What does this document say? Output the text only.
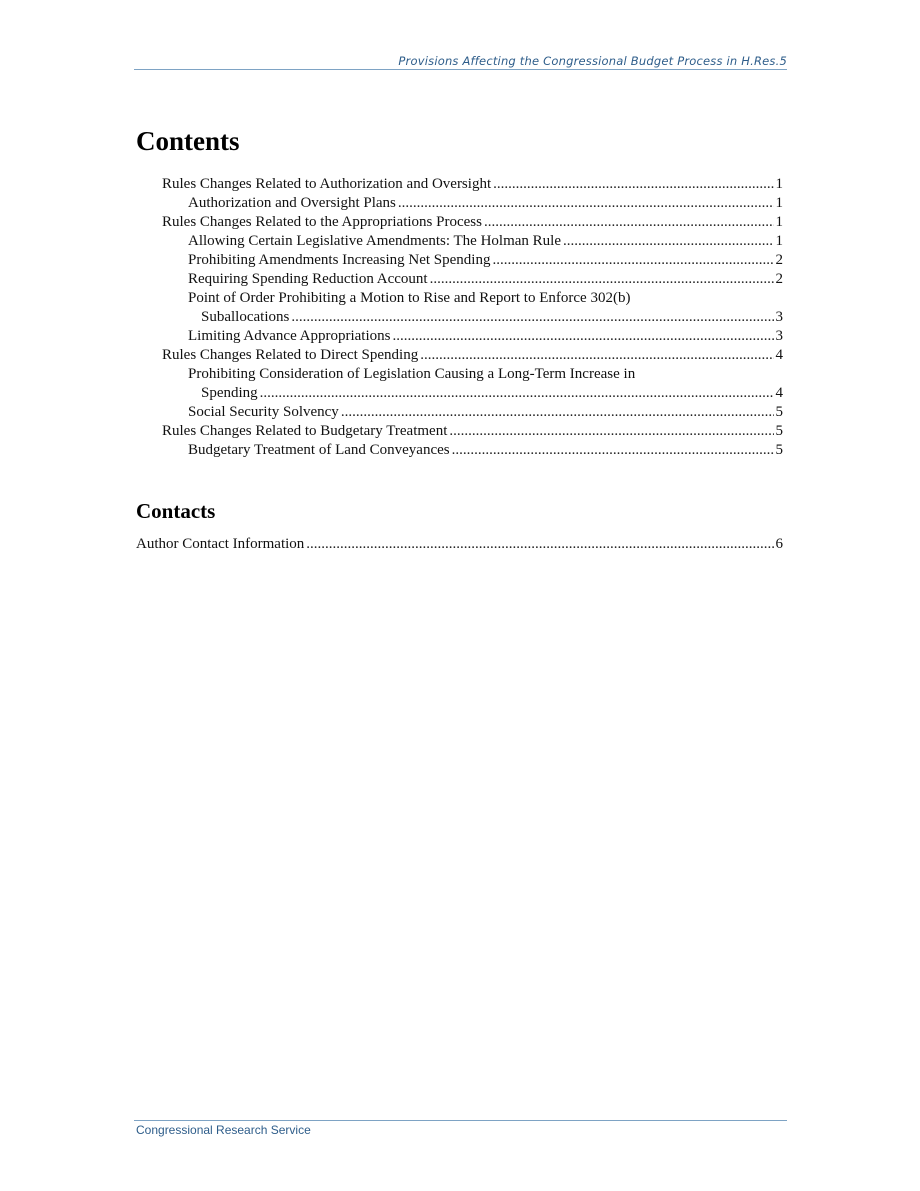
Provisions Affecting the Congressional Budget Process in H.Res.5
Contents
Rules Changes Related to Authorization and Oversight .....	1
Authorization and Oversight Plans .....	1
Rules Changes Related to the Appropriations Process .....	1
Allowing Certain Legislative Amendments: The Holman Rule .....	1
Prohibiting Amendments Increasing Net Spending .....	2
Requiring Spending Reduction Account .....	2
Point of Order Prohibiting a Motion to Rise and Report to Enforce 302(b)
Suballocations .....	3
Limiting Advance Appropriations .....	3
Rules Changes Related to Direct Spending .....	4
Prohibiting Consideration of Legislation Causing a Long-Term Increase in
Spending .....	4
Social Security Solvency .....	5
Rules Changes Related to Budgetary Treatment .....	5
Budgetary Treatment of Land Conveyances .....	5
Contacts
Author Contact Information .....	6
Congressional Research Service
